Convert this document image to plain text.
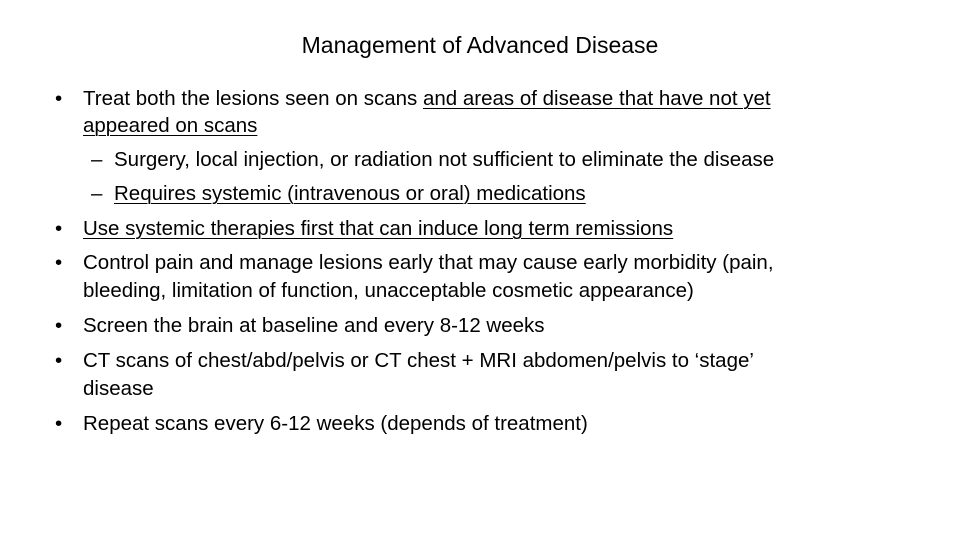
Management of Advanced Disease
• Treat both the lesions seen on scans and areas of disease that have not yet
appeared on scans
– Surgery, local injection, or radiation not sufficient to eliminate the disease
– Requires systemic (intravenous or oral) medications
• Use systemic therapies first that can induce long term remissions
• Control pain and manage lesions early that may cause early morbidity (pain,
bleeding, limitation of function, unacceptable cosmetic appearance)
• Screen the brain at baseline and every 8-12 weeks
• CT scans of chest/abd/pelvis or CT chest + MRI abdomen/pelvis to ‘stage’
disease
• Repeat scans every 6-12 weeks (depends of treatment)
